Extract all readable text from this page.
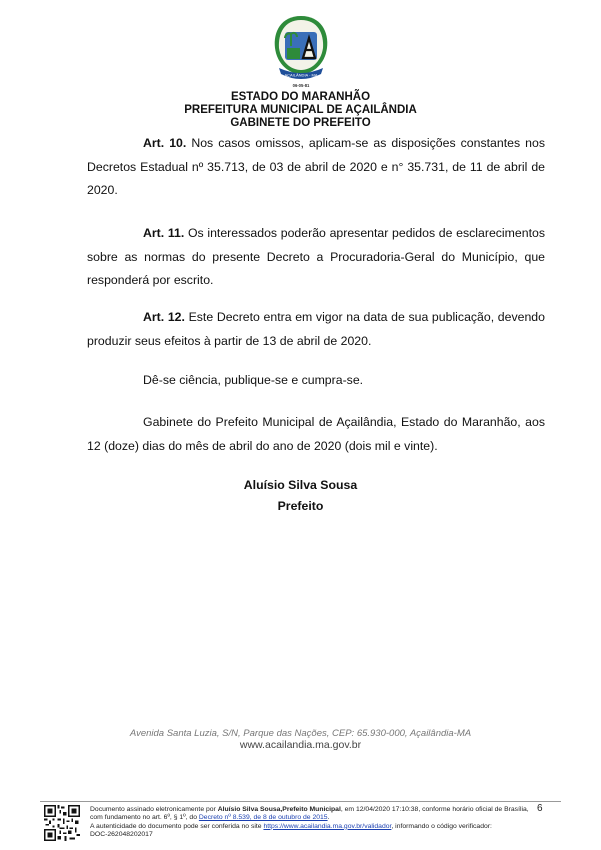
AÇAILÂNDIA - MA
06-05-81
ESTADO DO MARANHÃO
PREFEITURA MUNICIPAL DE AÇAILÂNDIA
GABINETE DO PREFEITO
Art. 10. Nos casos omissos, aplicam-se as disposições constantes nos Decretos Estadual nº 35.713, de 03 de abril de 2020 e n° 35.731, de 11 de abril de 2020.
Art. 11. Os interessados poderão apresentar pedidos de esclarecimentos sobre as normas do presente Decreto a Procuradoria-Geral do Município, que responderá por escrito.
Art. 12. Este Decreto entra em vigor na data de sua publicação, devendo produzir seus efeitos à partir de 13 de abril de 2020.
Dê-se ciência, publique-se e cumpra-se.
Gabinete do Prefeito Municipal de Açailândia, Estado do Maranhão, aos 12 (doze) dias do mês de abril do ano de 2020 (dois mil e vinte).
Aluísio Silva Sousa
Prefeito
Avenida Santa Luzia, S/N, Parque das Nações, CEP: 65.930-000, Açailândia-MA
www.acailandia.ma.gov.br
6
Documento assinado eletronicamente por Aluísio Silva Sousa,Prefeito Municipal, em 12/04/2020 17:10:38, conforme horário oficial de Brasília, com fundamento no art. 6º, § 1º, do Decreto nº 8.539, de 8 de outubro de 2015.
A autenticidade do documento pode ser conferida no site https://www.acailandia.ma.gov.br/validador, informando o código verificador:
DOC-262048202017
